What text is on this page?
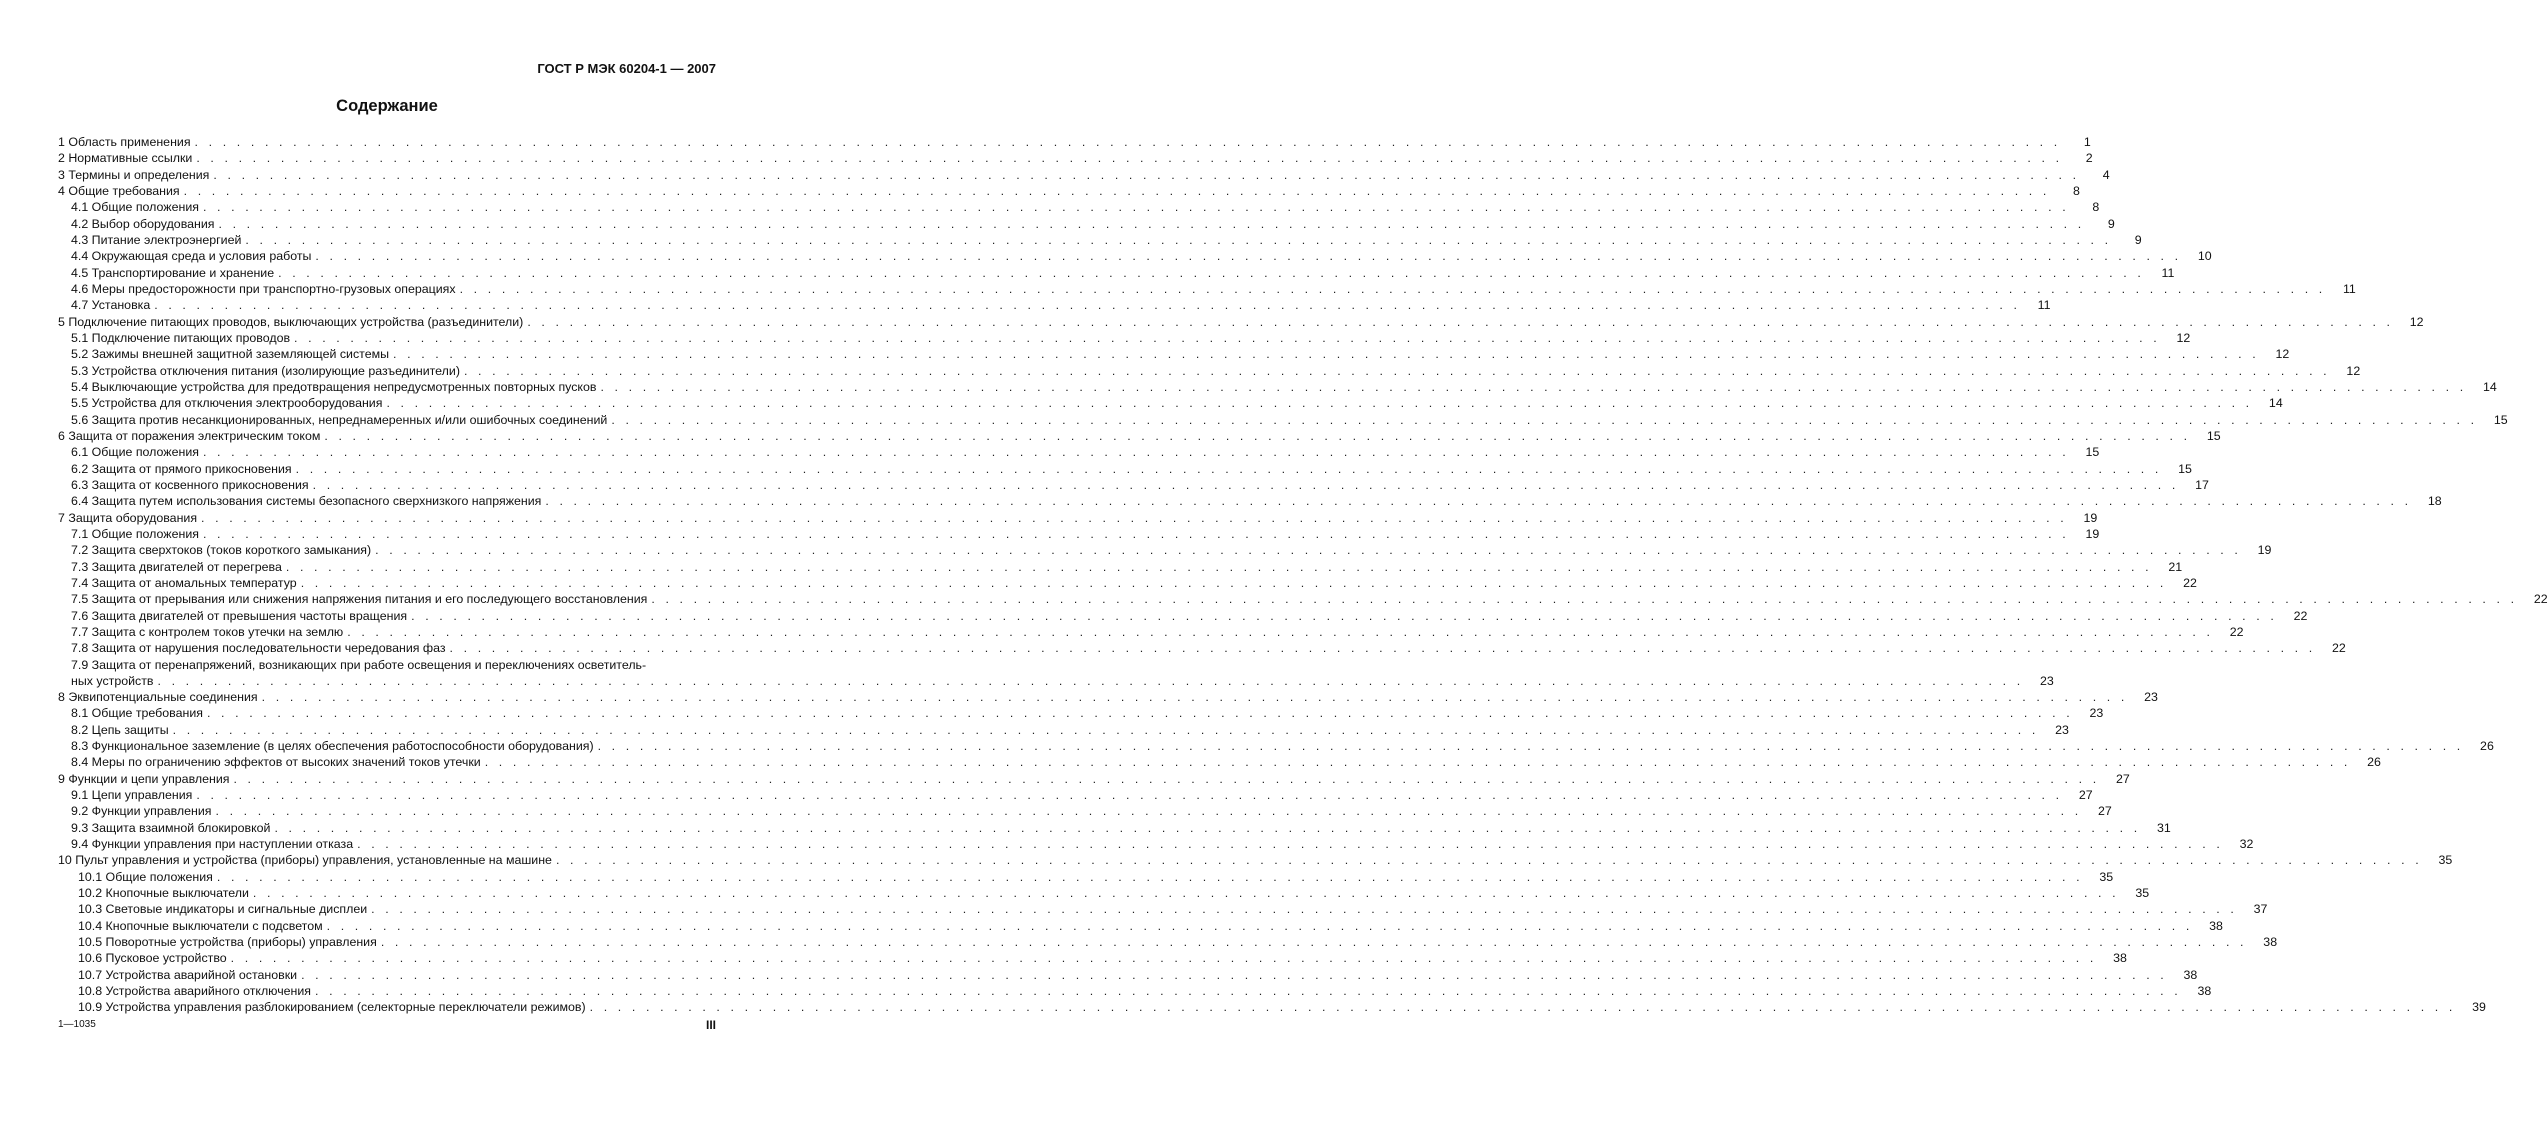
ГОСТ Р МЭК 60204-1 — 2007
Содержание
1 Область применения . . .	1
2 Нормативные ссылки . . .	2
3 Термины и определения . . .	4
4 Общие требования . . .	8
4.1 Общие положения . . .	8
4.2 Выбор оборудования . . .	9
4.3 Питание электроэнергией . . .	9
4.4 Окружающая среда и условия работы . . .	10
4.5 Транспортирование и хранение . . .	11
4.6 Меры предосторожности при транспортно-грузовых операциях . . .	11
4.7 Установка . . .	11
5 Подключение питающих проводов, выключающих устройства (разъединители) . . .	12
5.1 Подключение питающих проводов . . .	12
5.2 Зажимы внешней защитной заземляющей системы . . .	12
5.3 Устройства отключения питания (изолирующие разъединители) . . .	12
5.4 Выключающие устройства для предотвращения непредусмотренных повторных пусков . . .	14
5.5 Устройства для отключения электрооборудования . . .	14
5.6 Защита против несанкционированных, непреднамеренных и/или ошибочных соединений . . .	15
6 Защита от поражения электрическим током . . .	15
6.1 Общие положения . . .	15
6.2 Защита от прямого прикосновения . . .	15
6.3 Защита от косвенного прикосновения . . .	17
6.4 Защита путем использования системы безопасного сверхнизкого напряжения . . .	18
7 Защита оборудования . . .	19
7.1 Общие положения . . .	19
7.2 Защита сверхтоков (токов короткого замыкания) . . .	19
7.3 Защита двигателей от перегрева . . .	21
7.4 Защита от аномальных температур . . .	22
7.5 Защита от прерывания или снижения напряжения питания и его последующего восстановления . . .	22
7.6 Защита двигателей от превышения частоты вращения . . .	22
7.7 Защита с контролем токов утечки на землю . . .	22
7.8 Защита от нарушения последовательности чередования фаз . . .	22
7.9 Защита от перенапряжений, возникающих при работе освещения и переключениях осветитель-
ных устройств . . .	23
8 Эквипотенциальные соединения . . .	23
8.1 Общие требования . . .	23
8.2 Цепь защиты . . .	23
8.3 Функциональное заземление (в целях обеспечения работоспособности оборудования) . . .	26
8.4 Меры по ограничению эффектов от высоких значений токов утечки . . .	26
9 Функции и цепи управления . . .	27
9.1 Цепи управления . . .	27
9.2 Функции управления . . .	27
9.3 Защита взаимной блокировкой . . .	31
9.4 Функции управления при наступлении отказа . . .	32
10 Пульт управления и устройства (приборы) управления, установленные на машине . . .	35
10.1 Общие положения . . .	35
10.2 Кнопочные выключатели . . .	35
10.3 Световые индикаторы и сигнальные дисплеи . . .	37
10.4 Кнопочные выключатели с подсветом . . .	38
10.5 Поворотные устройства (приборы) управления . . .	38
10.6 Пусковое устройство . . .	38
10.7 Устройства аварийной остановки . . .	38
10.8 Устройства аварийного отключения . . .	38
10.9 Устройства управления разблокированием (селекторные переключатели режимов) . . .	39
1—1035	III
